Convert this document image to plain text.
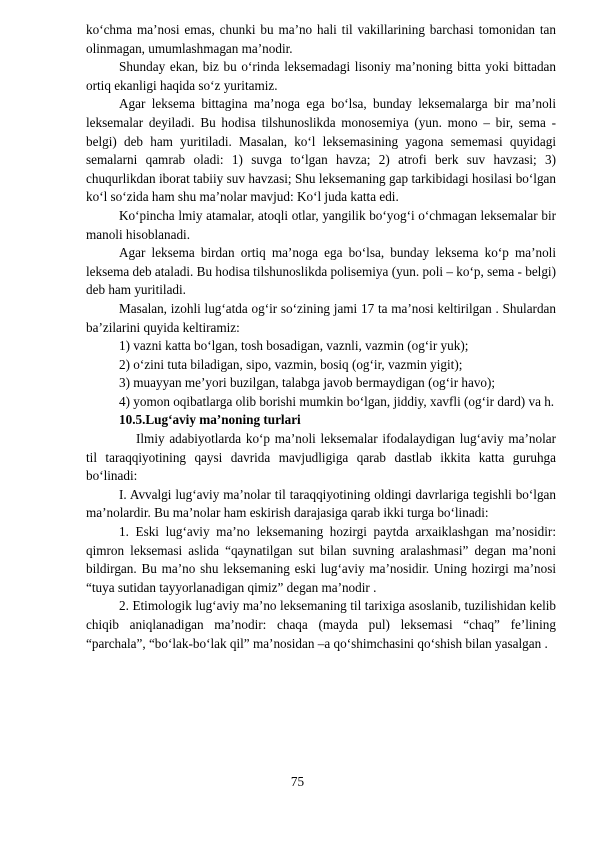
ko‘chma ma’nosi emas, chunki bu ma’no hali til vakillarining barchasi tomonidan tan olinmagan, umumlashmagan ma’nodir.

Shunday ekan, biz bu o‘rinda leksemadagi lisoniy ma’noning bitta yoki bittadan ortiq ekanligi haqida so‘z yuritamiz.

Agar leksema bittagina ma’noga ega bo‘lsa, bunday leksemalarga bir ma’noli leksemalar deyiladi. Bu hodisa tilshunoslikda monosemiya (yun. mono – bir, sema - belgi) deb ham yuritiladi. Masalan, ko‘l leksemasining yagona sememasi quyidagi semalarni qamrab oladi: 1) suvga to‘lgan havza; 2) atrofi berk suv havzasi; 3) chuqurlikdan iborat tabiiy suv havzasi; Shu leksemaning gap tarkibidagi hosilasi bo‘lgan ko‘l so‘zida ham shu ma’nolar mavjud: Ko‘l juda katta edi.

Ko‘pincha lmiy atamalar, atoqli otlar, yangilik bo‘yog‘i o‘chmagan leksemalar bir manoli hisoblanadi.

Agar leksema birdan ortiq ma’noga ega bo‘lsa, bunday leksema ko‘p ma’noli leksema deb ataladi. Bu hodisa tilshunoslikda polisemiya (yun. poli – ko‘p, sema - belgi) deb ham yuritiladi.

Masalan, izohli lug‘atda og‘ir so‘zining jami 17 ta ma’nosi keltirilgan . Shulardan ba’zilarini quyida keltiramiz:

1) vazni katta bo‘lgan, tosh bosadigan, vaznli, vazmin (og‘ir yuk);

2) o‘zini tuta biladigan, sipo, vazmin, bosiq (og‘ir, vazmin yigit);

3) muayyan me’yori buzilgan, talabga javob bermaydigan (og‘ir havo);

4) yomon oqibatlarga olib borishi mumkin bo‘lgan, jiddiy, xavfli (og‘ir dard) va h.

10.5.Lug‘aviy ma’noning turlari

Ilmiy adabiyotlarda ko‘p ma’noli leksemalar ifodalaydigan lug‘aviy ma’nolar til taraqqiyotining qaysi davrida mavjudligiga qarab dastlab ikkita katta guruhga bo‘linadi:

I. Avvalgi lug‘aviy ma’nolar til taraqqiyotining oldingi davrlariga tegishli bo‘lgan ma’nolardir. Bu ma’nolar ham eskirish darajasiga qarab ikki turga bo‘linadi:

1. Eski lug‘aviy ma’no leksemaning hozirgi paytda arxaiklashgan ma’nosidir: qimron leksemasi aslida “qaynatilgan sut bilan suvning aralashmasi” degan ma’noni bildirgan. Bu ma’no shu leksemaning eski lug‘aviy ma’nosidir. Uning hozirgi ma’nosi “tuya sutidan tayyorlanadigan qimiz” degan ma’nodir .

2. Etimologik lug‘aviy ma’no leksemaning til tarixiga asoslanib, tuzilishidan kelib chiqib aniqlanadigan ma’nodir: chaqa (mayda pul) leksemasi “chaq” fe’lining “parchala”, “bo‘lak-bo‘lak qil” ma’nosidan –a qo‘shimchasini qo‘shish bilan yasalgan .

75
